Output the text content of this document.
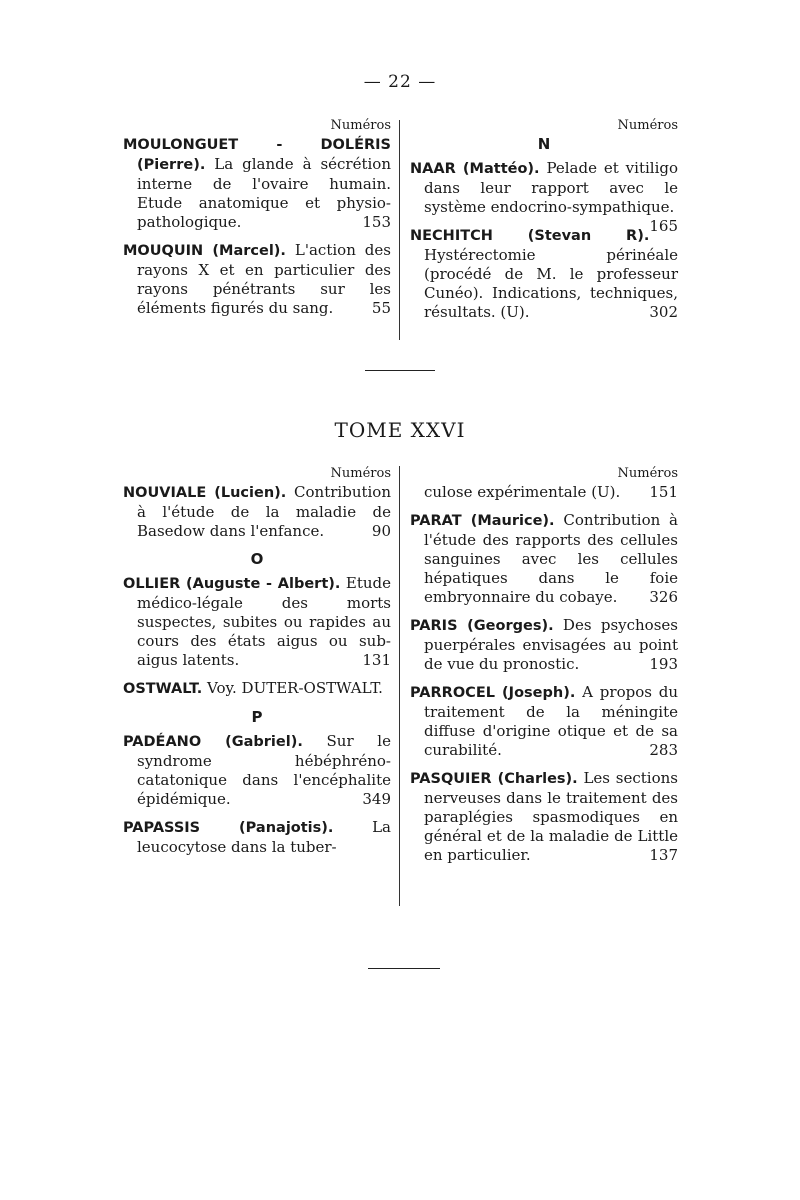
— 22 —
Numéros

MOULONGUET - DOLÉRIS (Pierre). La glande à sécrétion interne de l'ovaire humain. Etude anatomique et physio-pathologique.	153

MOUQUIN (Marcel). L'action des rayons X et en particulier des rayons pénétrants sur les éléments figurés du sang.	55

Numéros
N

NAAR (Mattéo). Pelade et vitiligo dans leur rapport avec le système endocrino-sympathique.
165

NECHITCH (Stevan R). Hystérectomie périnéale (procédé de M. le professeur Cunéo). Indications, techniques, résultats. (U).	302

TOME XXVI
Numéros

NOUVIALE (Lucien). Contribution à l'étude de la maladie de Basedow dans l'enfance.	90

O

OLLIER (Auguste - Albert). Etude médico-légale des morts suspectes, subites ou rapides au cours des états aigus ou sub-aigus latents.	131

OSTWALT. Voy. DUTER-OSTWALT.

P

PADÉANO (Gabriel). Sur le syndrome hébéphréno-catatonique dans l'encéphalite épidémique.	349

PAPASSIS (Panajotis).	La leucocytose dans la tuber-

Numéros

culose expérimentale (U).	151

PARAT (Maurice). Contribution à l'étude des rapports des cellules sanguines avec les cellules hépatiques dans le foie embryonnaire du cobaye. 326

PARIS (Georges). Des psychoses puerpérales envisagées au point de vue du pronostic.	193

PARROCEL (Joseph). A propos du traitement de la méningite diffuse d'origine otique et de sa curabilité.	283

PASQUIER (Charles). Les sections nerveuses dans le traitement des paraplégies spasmodiques en général et de la maladie de Little en particulier.	137
